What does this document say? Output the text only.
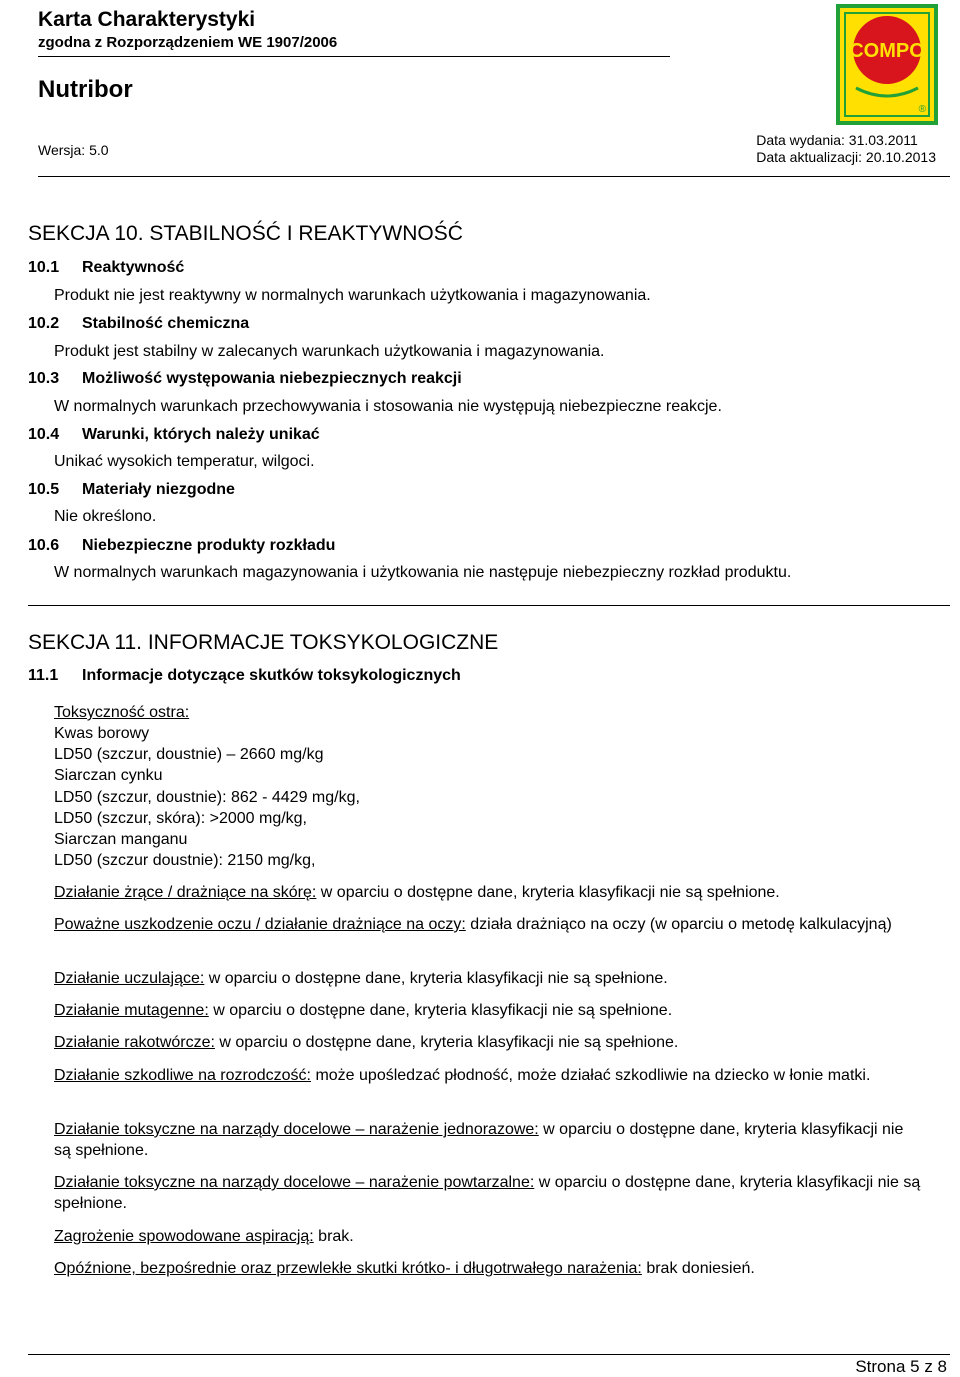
Karta Charakterystyki
zgodna z Rozporządzeniem WE 1907/2006
Nutribor
Wersja: 5.0
Data wydania: 31.03.2011
Data aktualizacji: 20.10.2013
COMPO
®
SEKCJA 10. STABILNOŚĆ I REAKTYWNOŚĆ
10.1 Reaktywność
Produkt nie jest reaktywny w normalnych warunkach użytkowania i magazynowania.
10.2 Stabilność chemiczna
Produkt jest stabilny w zalecanych warunkach użytkowania i magazynowania.
10.3 Możliwość występowania niebezpiecznych reakcji
W normalnych warunkach przechowywania i stosowania nie występują niebezpieczne reakcje.
10.4 Warunki, których należy unikać
Unikać wysokich temperatur, wilgoci.
10.5 Materiały niezgodne
Nie określono.
10.6 Niebezpieczne produkty rozkładu
W normalnych warunkach magazynowania i użytkowania nie następuje niebezpieczny rozkład produktu.
SEKCJA 11. INFORMACJE TOKSYKOLOGICZNE
11.1 Informacje dotyczące skutków toksykologicznych
Toksyczność ostra:
Kwas borowy
LD50 (szczur, doustnie) – 2660 mg/kg
Siarczan cynku
LD50 (szczur, doustnie): 862 - 4429 mg/kg,
LD50 (szczur, skóra): >2000 mg/kg,
Siarczan manganu
LD50 (szczur doustnie): 2150 mg/kg,
Działanie żrące / drażniące na skórę: w oparciu o dostępne dane, kryteria klasyfikacji nie są spełnione.
Poważne uszkodzenie oczu / działanie drażniące na oczy: działa drażniąco na oczy (w oparciu o metodę kalkulacyjną)
Działanie uczulające: w oparciu o dostępne dane, kryteria klasyfikacji nie są spełnione.
Działanie mutagenne: w oparciu o dostępne dane, kryteria klasyfikacji nie są spełnione.
Działanie rakotwórcze: w oparciu o dostępne dane, kryteria klasyfikacji nie są spełnione.
Działanie szkodliwe na rozrodczość: może upośledzać płodność, może działać szkodliwie na dziecko w łonie matki.
Działanie toksyczne na narządy docelowe – narażenie jednorazowe: w oparciu o dostępne dane, kryteria klasyfikacji nie są spełnione.
Działanie toksyczne na narządy docelowe – narażenie powtarzalne: w oparciu o dostępne dane, kryteria klasyfikacji nie są spełnione.
Zagrożenie spowodowane aspiracją: brak.
Opóźnione, bezpośrednie oraz przewlekłe skutki krótko- i długotrwałego narażenia: brak doniesień.
Strona 5 z 8
